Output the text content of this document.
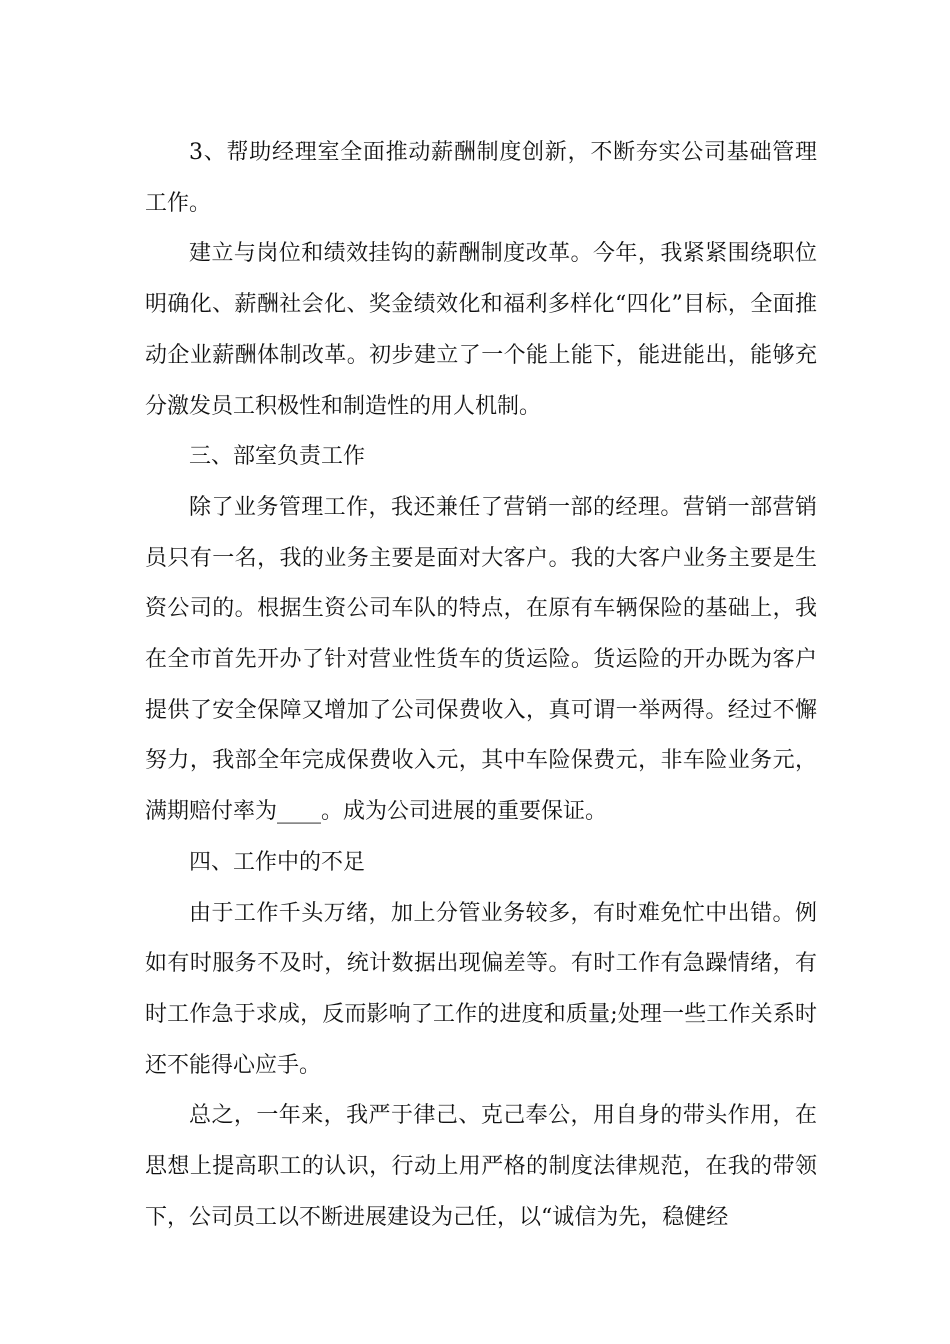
3、帮助经理室全面推动薪酬制度创新，不断夯实公司基础管理工作。

建立与岗位和绩效挂钩的薪酬制度改革。今年，我紧紧围绕职位明确化、薪酬社会化、奖金绩效化和福利多样化“四化”目标，全面推动企业薪酬体制改革。初步建立了一个能上能下，能进能出，能够充分激发员工积极性和制造性的用人机制。

三、部室负责工作

除了业务管理工作，我还兼任了营销一部的经理。营销一部营销员只有一名，我的业务主要是面对大客户。我的大客户业务主要是生资公司的。根据生资公司车队的特点，在原有车辆保险的基础上，我在全市首先开办了针对营业性货车的货运险。货运险的开办既为客户提供了安全保障又增加了公司保费收入，真可谓一举两得。经过不懈努力，我部全年完成保费收入元，其中车险保费元，非车险业务元，满期赔付率为____。成为公司进展的重要保证。

四、工作中的不足

由于工作千头万绪，加上分管业务较多，有时难免忙中出错。例如有时服务不及时，统计数据出现偏差等。有时工作有急躁情绪，有时工作急于求成，反而影响了工作的进度和质量;处理一些工作关系时还不能得心应手。

总之，一年来，我严于律己、克己奉公，用自身的带头作用，在思想上提高职工的认识，行动上用严格的制度法律规范，在我的带领下，公司员工以不断进展建设为己任，以“诚信为先，稳健经
